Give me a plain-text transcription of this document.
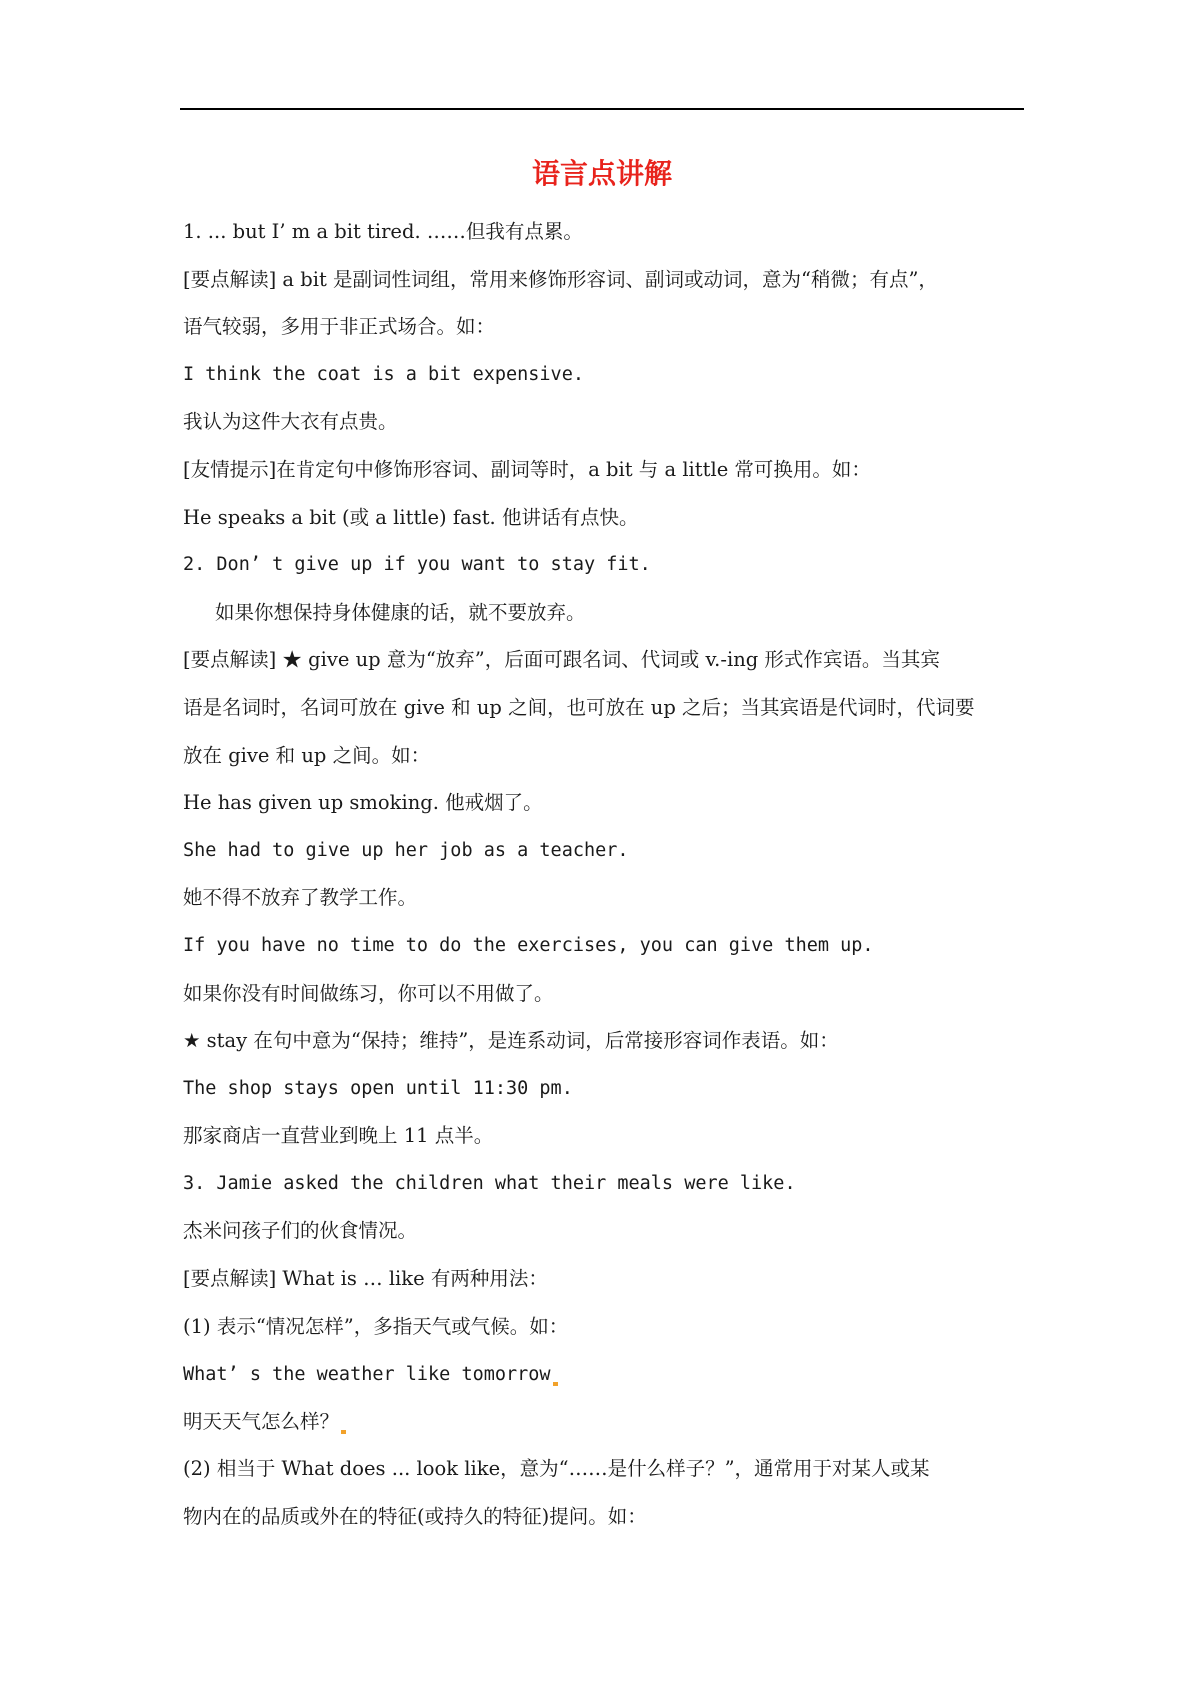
语言点讲解
1. ... but I’ m a bit tired. ……但我有点累。
[要点解读] a bit 是副词性词组，常用来修饰形容词、副词或动词，意为“稍微；有点”，
语气较弱，多用于非正式场合。如：
I think the coat is a bit expensive.
我认为这件大衣有点贵。
[友情提示]在肯定句中修饰形容词、副词等时，a bit 与 a little 常可换用。如：
He speaks a bit (或 a little) fast. 他讲话有点快。
2. Don’ t give up if you want to stay fit.
如果你想保持身体健康的话，就不要放弃。
[要点解读] ★ give up 意为“放弃”，后面可跟名词、代词或 v.-ing 形式作宾语。当其宾
语是名词时，名词可放在 give 和 up 之间，也可放在 up 之后；当其宾语是代词时，代词要
放在 give 和 up 之间。如：
He has given up smoking. 他戒烟了。
She had to give up her job as a teacher.
她不得不放弃了教学工作。
If you have no time to do the exercises, you can give them up.
如果你没有时间做练习，你可以不用做了。
★ stay 在句中意为“保持；维持”，是连系动词，后常接形容词作表语。如：
The shop stays open until 11:30 pm.
那家商店一直营业到晚上 11 点半。
3. Jamie asked the children what their meals were like.
杰米问孩子们的伙食情况。
[要点解读] What is … like 有两种用法：
(1) 表示“情况怎样”，多指天气或气候。如：
What’ s the weather like tomorrow
明天天气怎么样？
(2) 相当于 What does ... look like，意为“……是什么样子？”，通常用于对某人或某
物内在的品质或外在的特征(或持久的特征)提问。如：
